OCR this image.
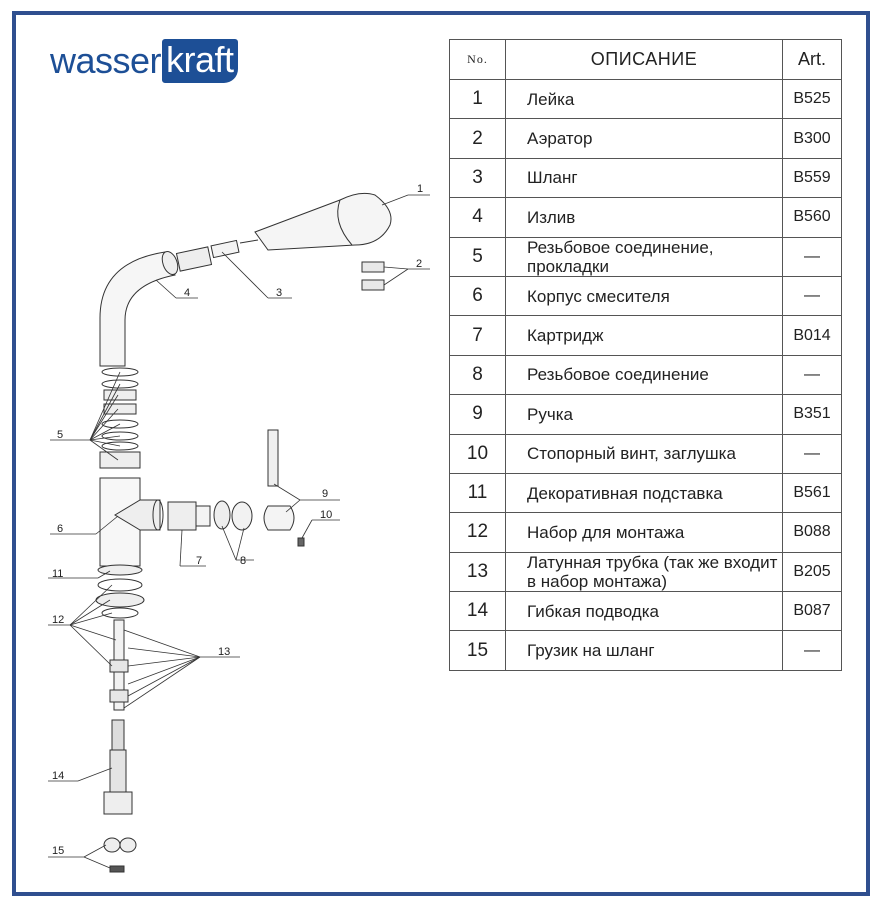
wasser kraft
1
2
3
4
5
6
7	8
9
10
11
12
13
14
15
No.	ОПИСАНИЕ	Art.
1	Лейка	B525
2	Аэратор	B300
3	Шланг	B559
4	Излив	B560
5	Резьбовое соединение, прокладки	—
6	Корпус смесителя	—
7	Картридж	B014
8	Резьбовое соединение	—
9	Ручка	B351
10	Стопорный винт, заглушка	—
11	Декоративная подставка	B561
12	Набор для монтажа	B088
13	Латунная трубка (так же входит в набор монтажа)	B205
14	Гибкая подводка	B087
15	Грузик на шланг	—
